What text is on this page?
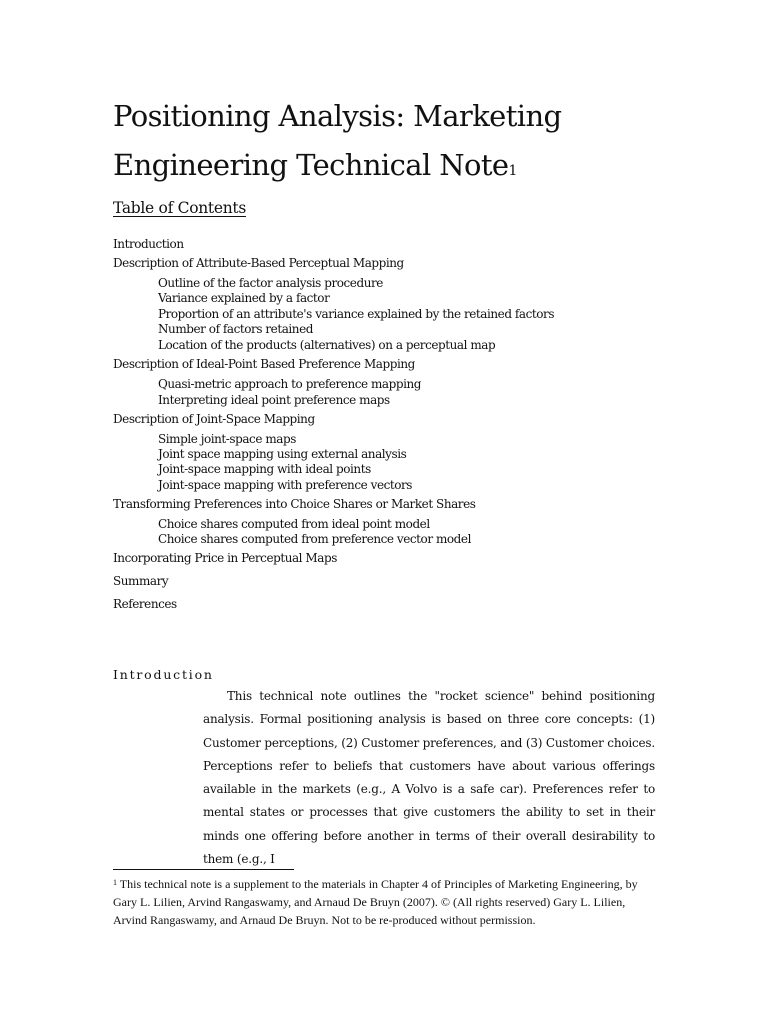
Positioning Analysis: Marketing Engineering Technical Note$^1$
Table of Contents
Introduction
Description of Attribute-Based Perceptual Mapping
Outline of the factor analysis procedure
Variance explained by a factor
Proportion of an attribute's variance explained by the retained factors
Number of factors retained
Location of the products (alternatives) on a perceptual map
Description of Ideal-Point Based Preference Mapping
Quasi-metric approach to preference mapping
Interpreting ideal point preference maps
Description of Joint-Space Mapping
Simple joint-space maps
Joint space mapping using external analysis
Joint-space mapping with ideal points
Joint-space mapping with preference vectors
Transforming Preferences into Choice Shares or Market Shares
Choice shares computed from ideal point model
Choice shares computed from preference vector model
Incorporating Price in Perceptual Maps
Summary
References
Introduction

This technical note outlines the "rocket science" behind positioning analysis. Formal positioning analysis is based on three core concepts: (1) Customer perceptions, (2) Customer preferences, and (3) Customer choices. Perceptions refer to beliefs that customers have about various offerings available in the markets (e.g., A Volvo is a safe car). Preferences refer to mental states or processes that give customers the ability to set in their minds one offering before another in terms of their overall desirability to them (e.g., I

$^1$ This technical note is a supplement to the materials in Chapter 4 of Principles of Marketing Engineering, by Gary L. Lilien, Arvind Rangaswamy, and Arnaud De Bruyn (2007). © (All rights reserved) Gary L. Lilien, Arvind Rangaswamy, and Arnaud De Bruyn. Not to be re-produced without permission.
